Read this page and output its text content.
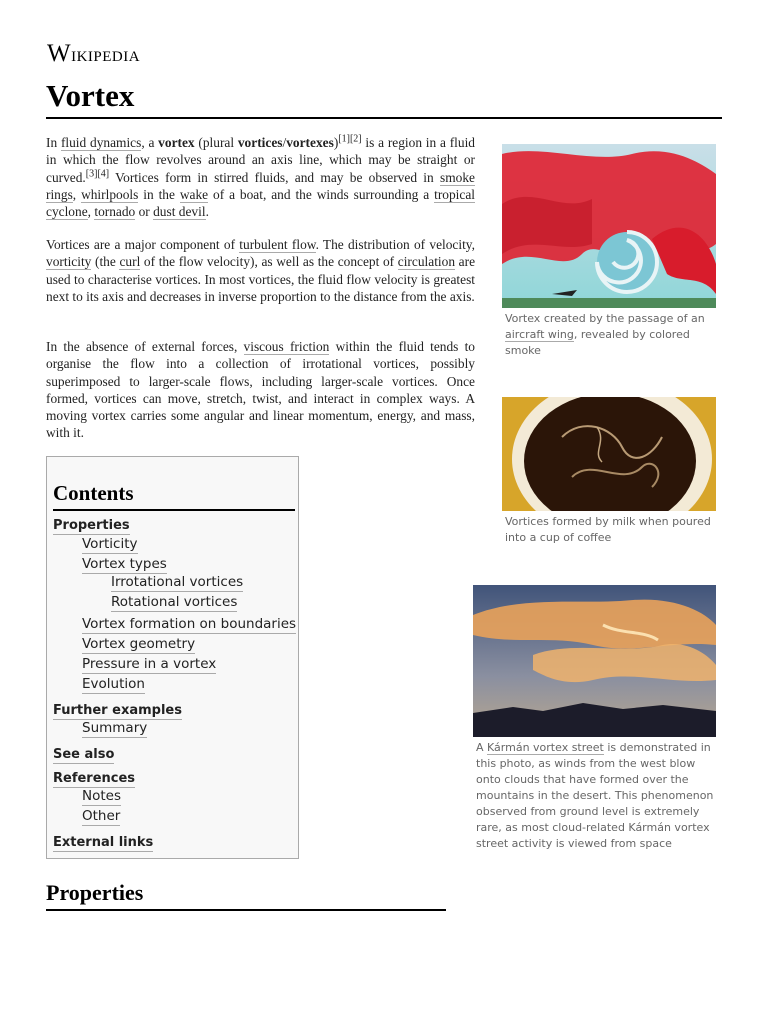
Wikipedia
Vortex

In fluid dynamics, a vortex (plural vortices/vortexes)[1][2] is a region in a fluid in which the flow revolves around an axis line, which may be straight or curved.[3][4] Vortices form in stirred fluids, and may be observed in smoke rings, whirlpools in the wake of a boat, and the winds surrounding a tropical cyclone, tornado or dust devil.

Vortices are a major component of turbulent flow. The distribution of velocity, vorticity (the curl of the flow velocity), as well as the concept of circulation are used to characterise vortices. In most vortices, the fluid flow velocity is greatest next to its axis and decreases in inverse proportion to the distance from the axis.

In the absence of external forces, viscous friction within the fluid tends to organise the flow into a collection of irrotational vortices, possibly superimposed to larger-scale flows, including larger-scale vortices. Once formed, vortices can move, stretch, twist, and interact in complex ways. A moving vortex carries some angular and linear momentum, energy, and mass, with it.

Vortex created by the passage of an aircraft wing, revealed by colored smoke

Vortices formed by milk when poured into a cup of coffee

A Kármán vortex street is demonstrated in this photo, as winds from the west blow onto clouds that have formed over the mountains in the desert. This phenomenon observed from ground level is extremely rare, as most cloud-related Kármán vortex street activity is viewed from space

Contents
Properties
Vorticity
Vortex types
Irrotational vortices
Rotational vortices
Vortex formation on boundaries
Vortex geometry
Pressure in a vortex
Evolution
Further examples
Summary
See also
References
Notes
Other
External links
Properties
